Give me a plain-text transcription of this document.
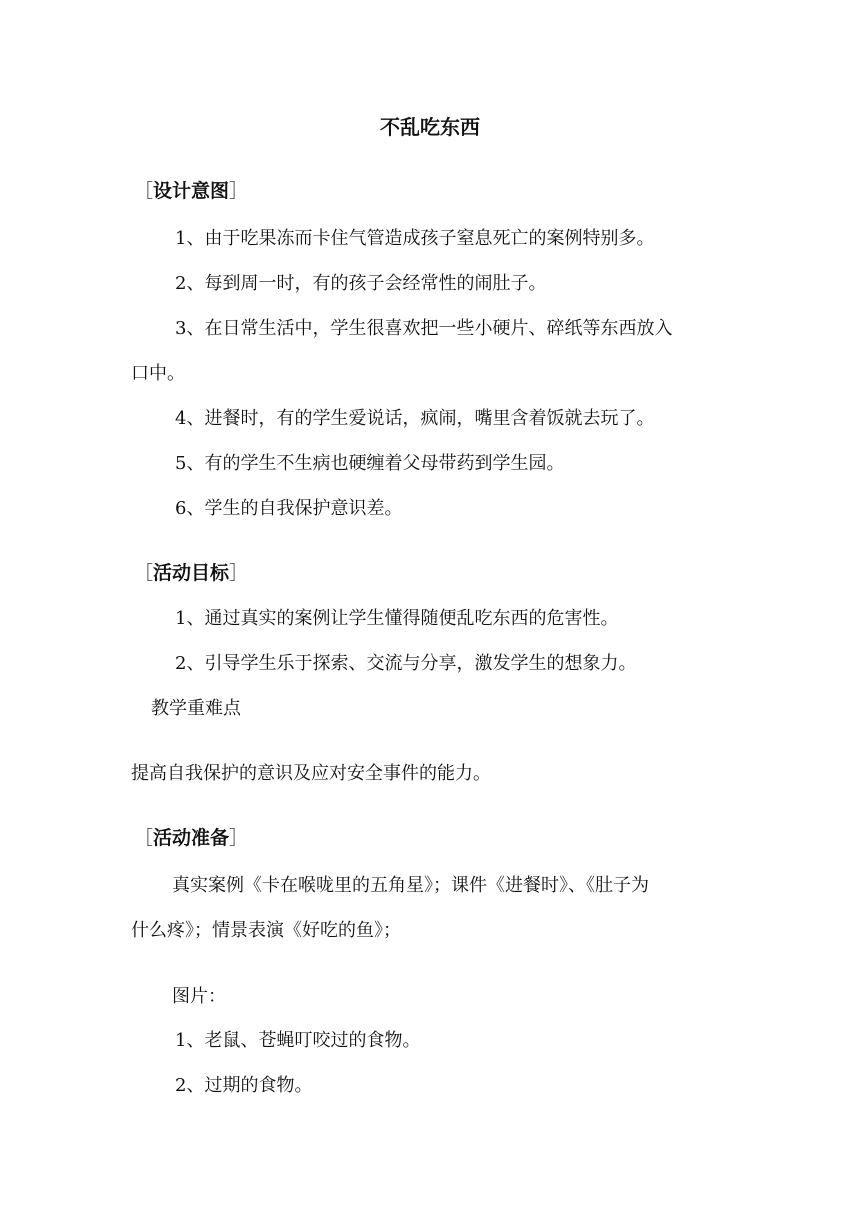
不乱吃东西
［设计意图］

1、由于吃果冻而卡住气管造成孩子窒息死亡的案例特别多。

2、每到周一时，有的孩子会经常性的闹肚子。

3、在日常生活中，学生很喜欢把一些小硬片、碎纸等东西放入

口中。

4、进餐时，有的学生爱说话，疯闹，嘴里含着饭就去玩了。

5、有的学生不生病也硬缠着父母带药到学生园。

6、学生的自我保护意识差。

［活动目标］

1、通过真实的案例让学生懂得随便乱吃东西的危害性。

2、引导学生乐于探索、交流与分享，激发学生的想象力。

教学重难点

提高自我保护的意识及应对安全事件的能力。

［活动准备］

真实案例《卡在喉咙里的五角星》；课件《进餐时》、《肚子为

什么疼》；情景表演《好吃的鱼》；

图片：

1、老鼠、苍蝇叮咬过的食物。

2、过期的食物。
